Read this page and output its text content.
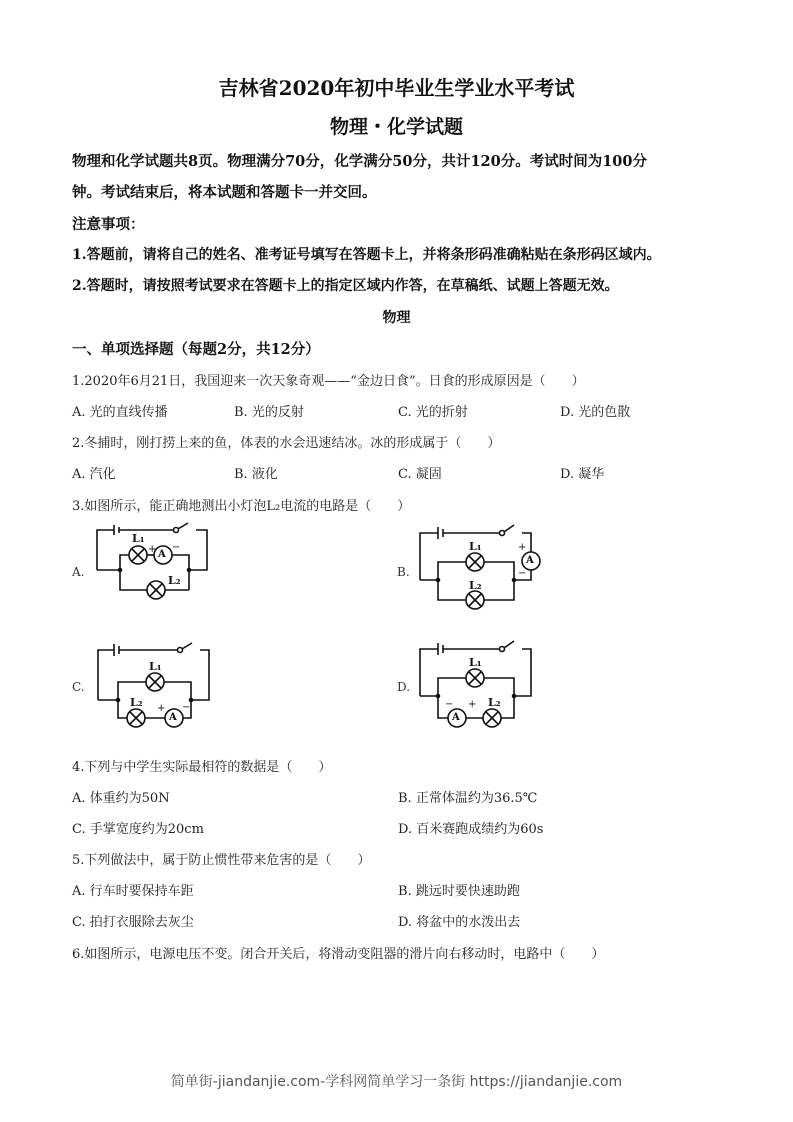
吉林省2020年初中毕业生学业水平考试
物理・化学试题
物理和化学试题共8页。物理满分70分，化学满分50分，共计120分。考试时间为100分
钟。考试结束后，将本试题和答题卡一并交回。
注意事项：
1.答题前，请将自己的姓名、准考证号填写在答题卡上，并将条形码准确粘贴在条形码区域内。
2.答题时，请按照考试要求在答题卡上的指定区域内作答，在草稿纸、试题上答题无效。
物理
一、单项选择题（每题2分，共12分）
1.2020年6月21日，我国迎来一次天象奇观——“金边日食”。日食的形成原因是（　　）
A. 光的直线传播	B. 光的反射	C. 光的折射	D. 光的色散
2.冬捕时，刚打捞上来的鱼，体表的水会迅速结冰。冰的形成属于（　　）
A. 汽化	B. 液化	C. 凝固	D. 凝华
3.如图所示，能正确地测出小灯泡L₂电流的电路是（　　）
A.
L₁
A
+ −
L₂
B.
L₁
A
+
−
L₂
C.
L₁
L₂
A
+ −
D.
L₁
A
− + L₂
4.下列与中学生实际最相符的数据是（　　）
A. 体重约为50N	B. 正常体温约为36.5℃
C. 手掌宽度约为20cm	D. 百米赛跑成绩约为60s
5.下列做法中，属于防止惯性带来危害的是（　　）
A. 行车时要保持车距	B. 跳远时要快速助跑
C. 拍打衣服除去灰尘	D. 将盆中的水泼出去
6.如图所示，电源电压不变。闭合开关后，将滑动变阻器的滑片向右移动时，电路中（　　）
简单街-jiandanjie.com-学科网简单学习一条街 https://jiandanjie.com
